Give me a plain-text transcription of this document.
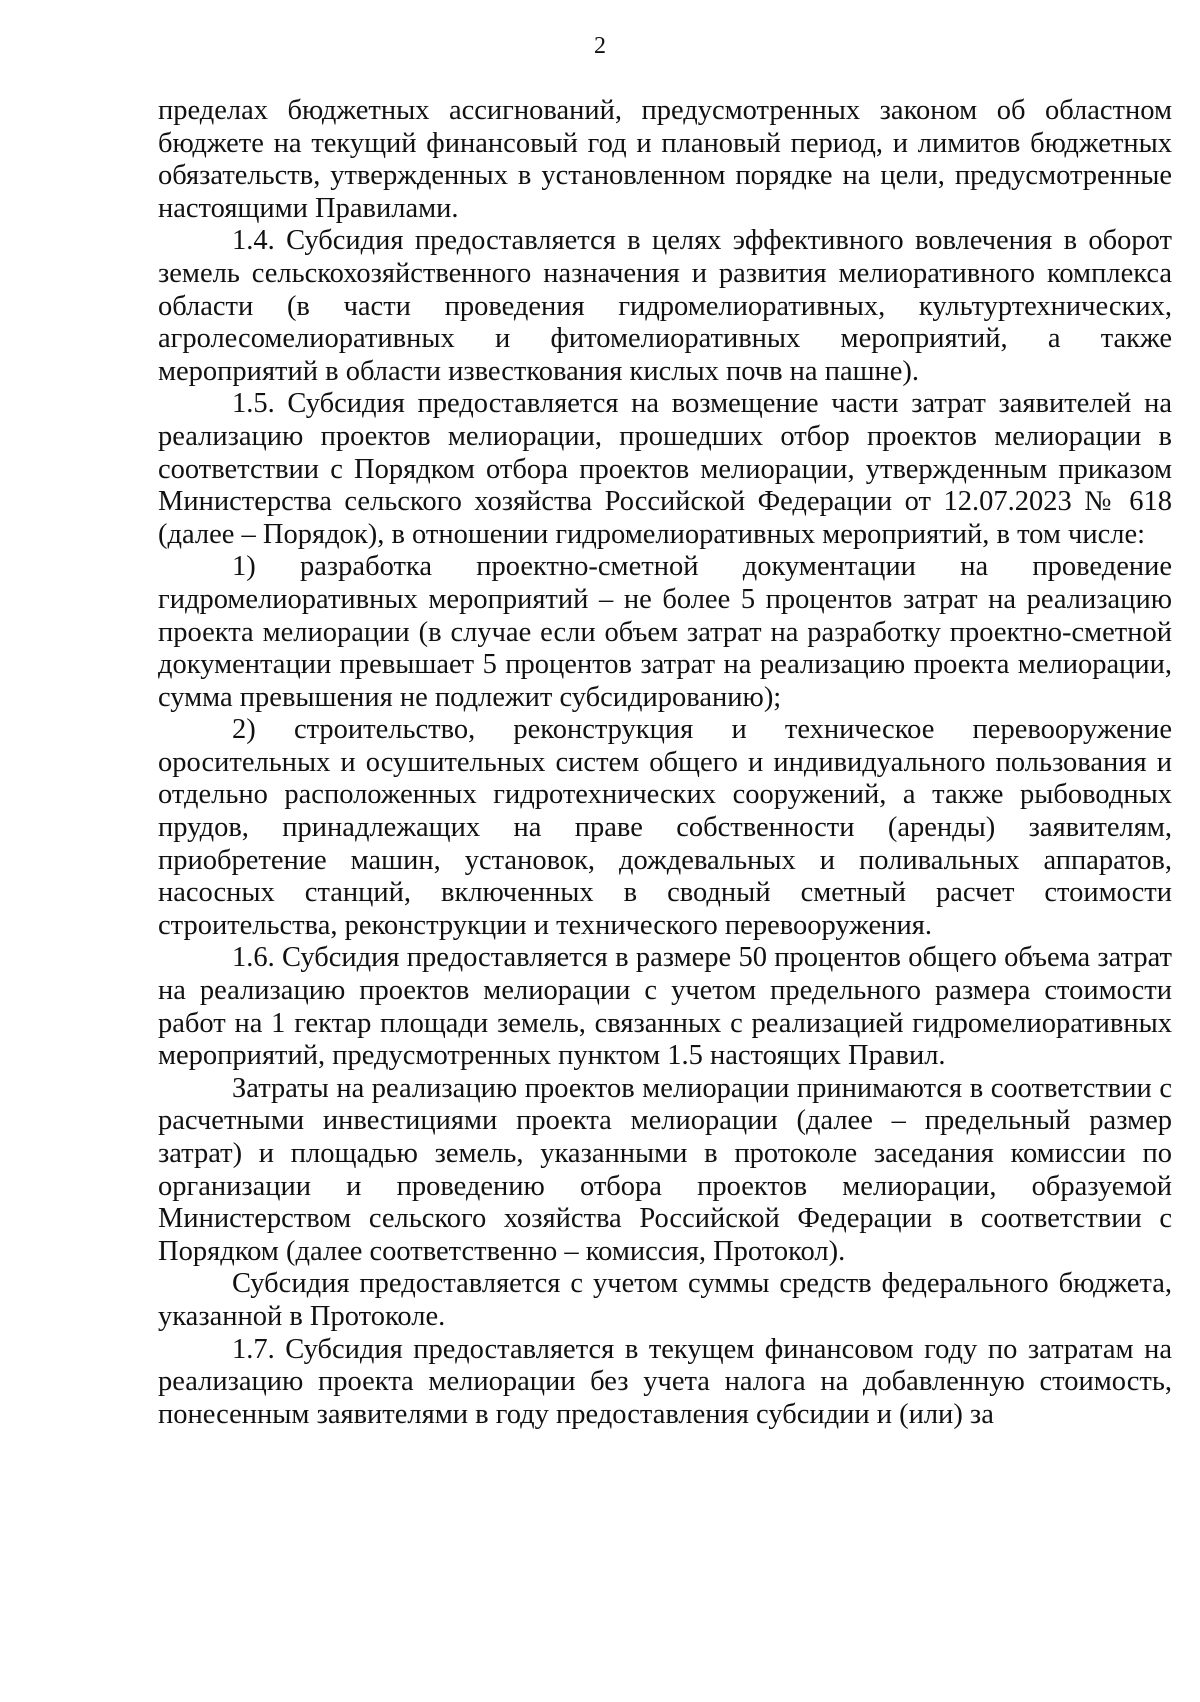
2

пределах бюджетных ассигнований, предусмотренных законом об областном бюджете на текущий финансовый год и плановый период, и лимитов бюджетных обязательств, утвержденных в установленном порядке на цели, предусмотренные настоящими Правилами.

1.4. Субсидия предоставляется в целях эффективного вовлечения в оборот земель сельскохозяйственного назначения и развития мелиоративного комплекса области (в части проведения гидромелиоративных, культуртехнических, агролесомелиоративных и фитомелиоративных мероприятий, а также мероприятий в области известкования кислых почв на пашне).

1.5. Субсидия предоставляется на возмещение части затрат заявителей на реализацию проектов мелиорации, прошедших отбор проектов мелиорации в соответствии с Порядком отбора проектов мелиорации, утвержденным приказом Министерства сельского хозяйства Российской Федерации от 12.07.2023 № 618 (далее – Порядок), в отношении гидромелиоративных мероприятий, в том числе:

1) разработка проектно-сметной документации на проведение гидромелиоративных мероприятий – не более 5 процентов затрат на реализацию проекта мелиорации (в случае если объем затрат на разработку проектно-сметной документации превышает 5 процентов затрат на реализацию проекта мелиорации, сумма превышения не подлежит субсидированию);

2) строительство, реконструкция и техническое перевооружение оросительных и осушительных систем общего и индивидуального пользования и отдельно расположенных гидротехнических сооружений, а также рыбоводных прудов, принадлежащих на праве собственности (аренды) заявителям, приобретение машин, установок, дождевальных и поливальных аппаратов, насосных станций, включенных в сводный сметный расчет стоимости строительства, реконструкции и технического перевооружения.

1.6. Субсидия предоставляется в размере 50 процентов общего объема затрат на реализацию проектов мелиорации с учетом предельного размера стоимости работ на 1 гектар площади земель, связанных с реализацией гидромелиоративных мероприятий, предусмотренных пунктом 1.5 настоящих Правил.

Затраты на реализацию проектов мелиорации принимаются в соответствии с расчетными инвестициями проекта мелиорации (далее – предельный размер затрат) и площадью земель, указанными в протоколе заседания комиссии по организации и проведению отбора проектов мелиорации, образуемой Министерством сельского хозяйства Российской Федерации в соответствии с Порядком (далее соответственно – комиссия, Протокол).

Субсидия предоставляется с учетом суммы средств федерального бюджета, указанной в Протоколе.

1.7. Субсидия предоставляется в текущем финансовом году по затратам на реализацию проекта мелиорации без учета налога на добавленную стоимость, понесенным заявителями в году предоставления субсидии и (или) за
